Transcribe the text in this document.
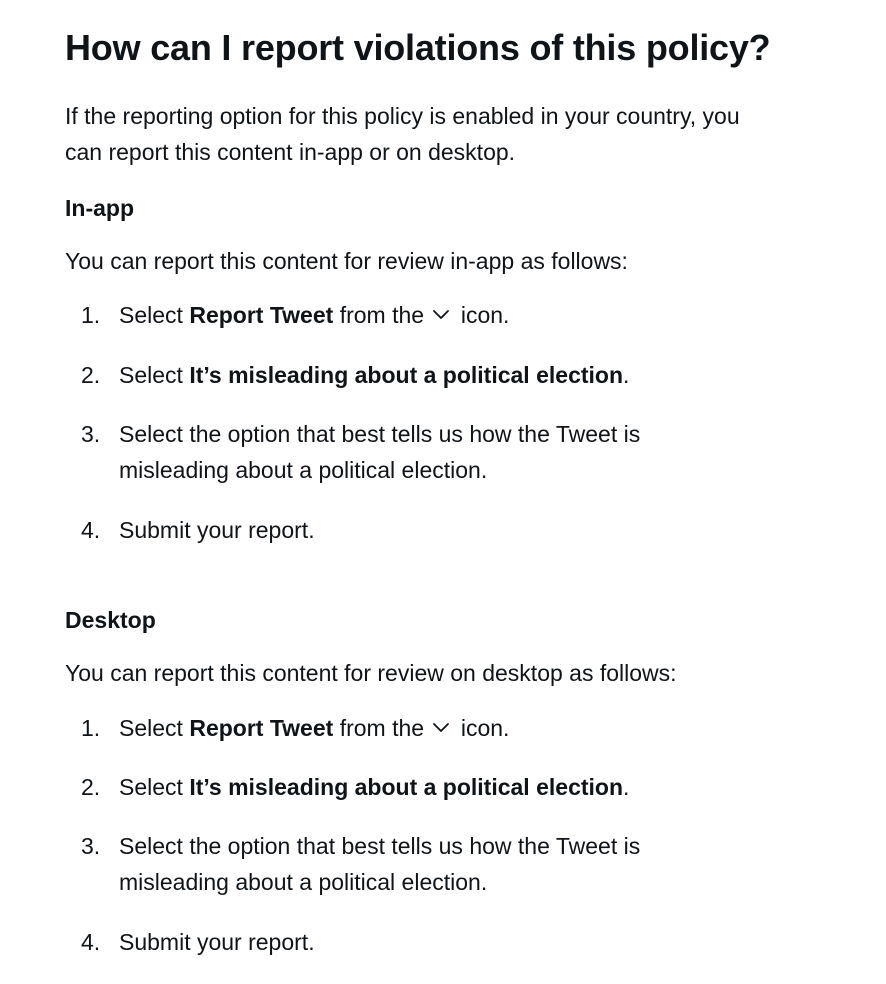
How can I report violations of this policy?

If the reporting option for this policy is enabled in your country, you
can report this content in-app or on desktop.

In-app

You can report this content for review in-app as follows:

1. Select Report Tweet from the
icon.
2. Select It’s misleading about a political election.
3. Select the option that best tells us how the Tweet is
misleading about a political election.
4. Submit your report.
Desktop

You can report this content for review on desktop as follows:

1. Select Report Tweet from the
icon.
2. Select It’s misleading about a political election.
3. Select the option that best tells us how the Tweet is
misleading about a political election.
4. Submit your report.
